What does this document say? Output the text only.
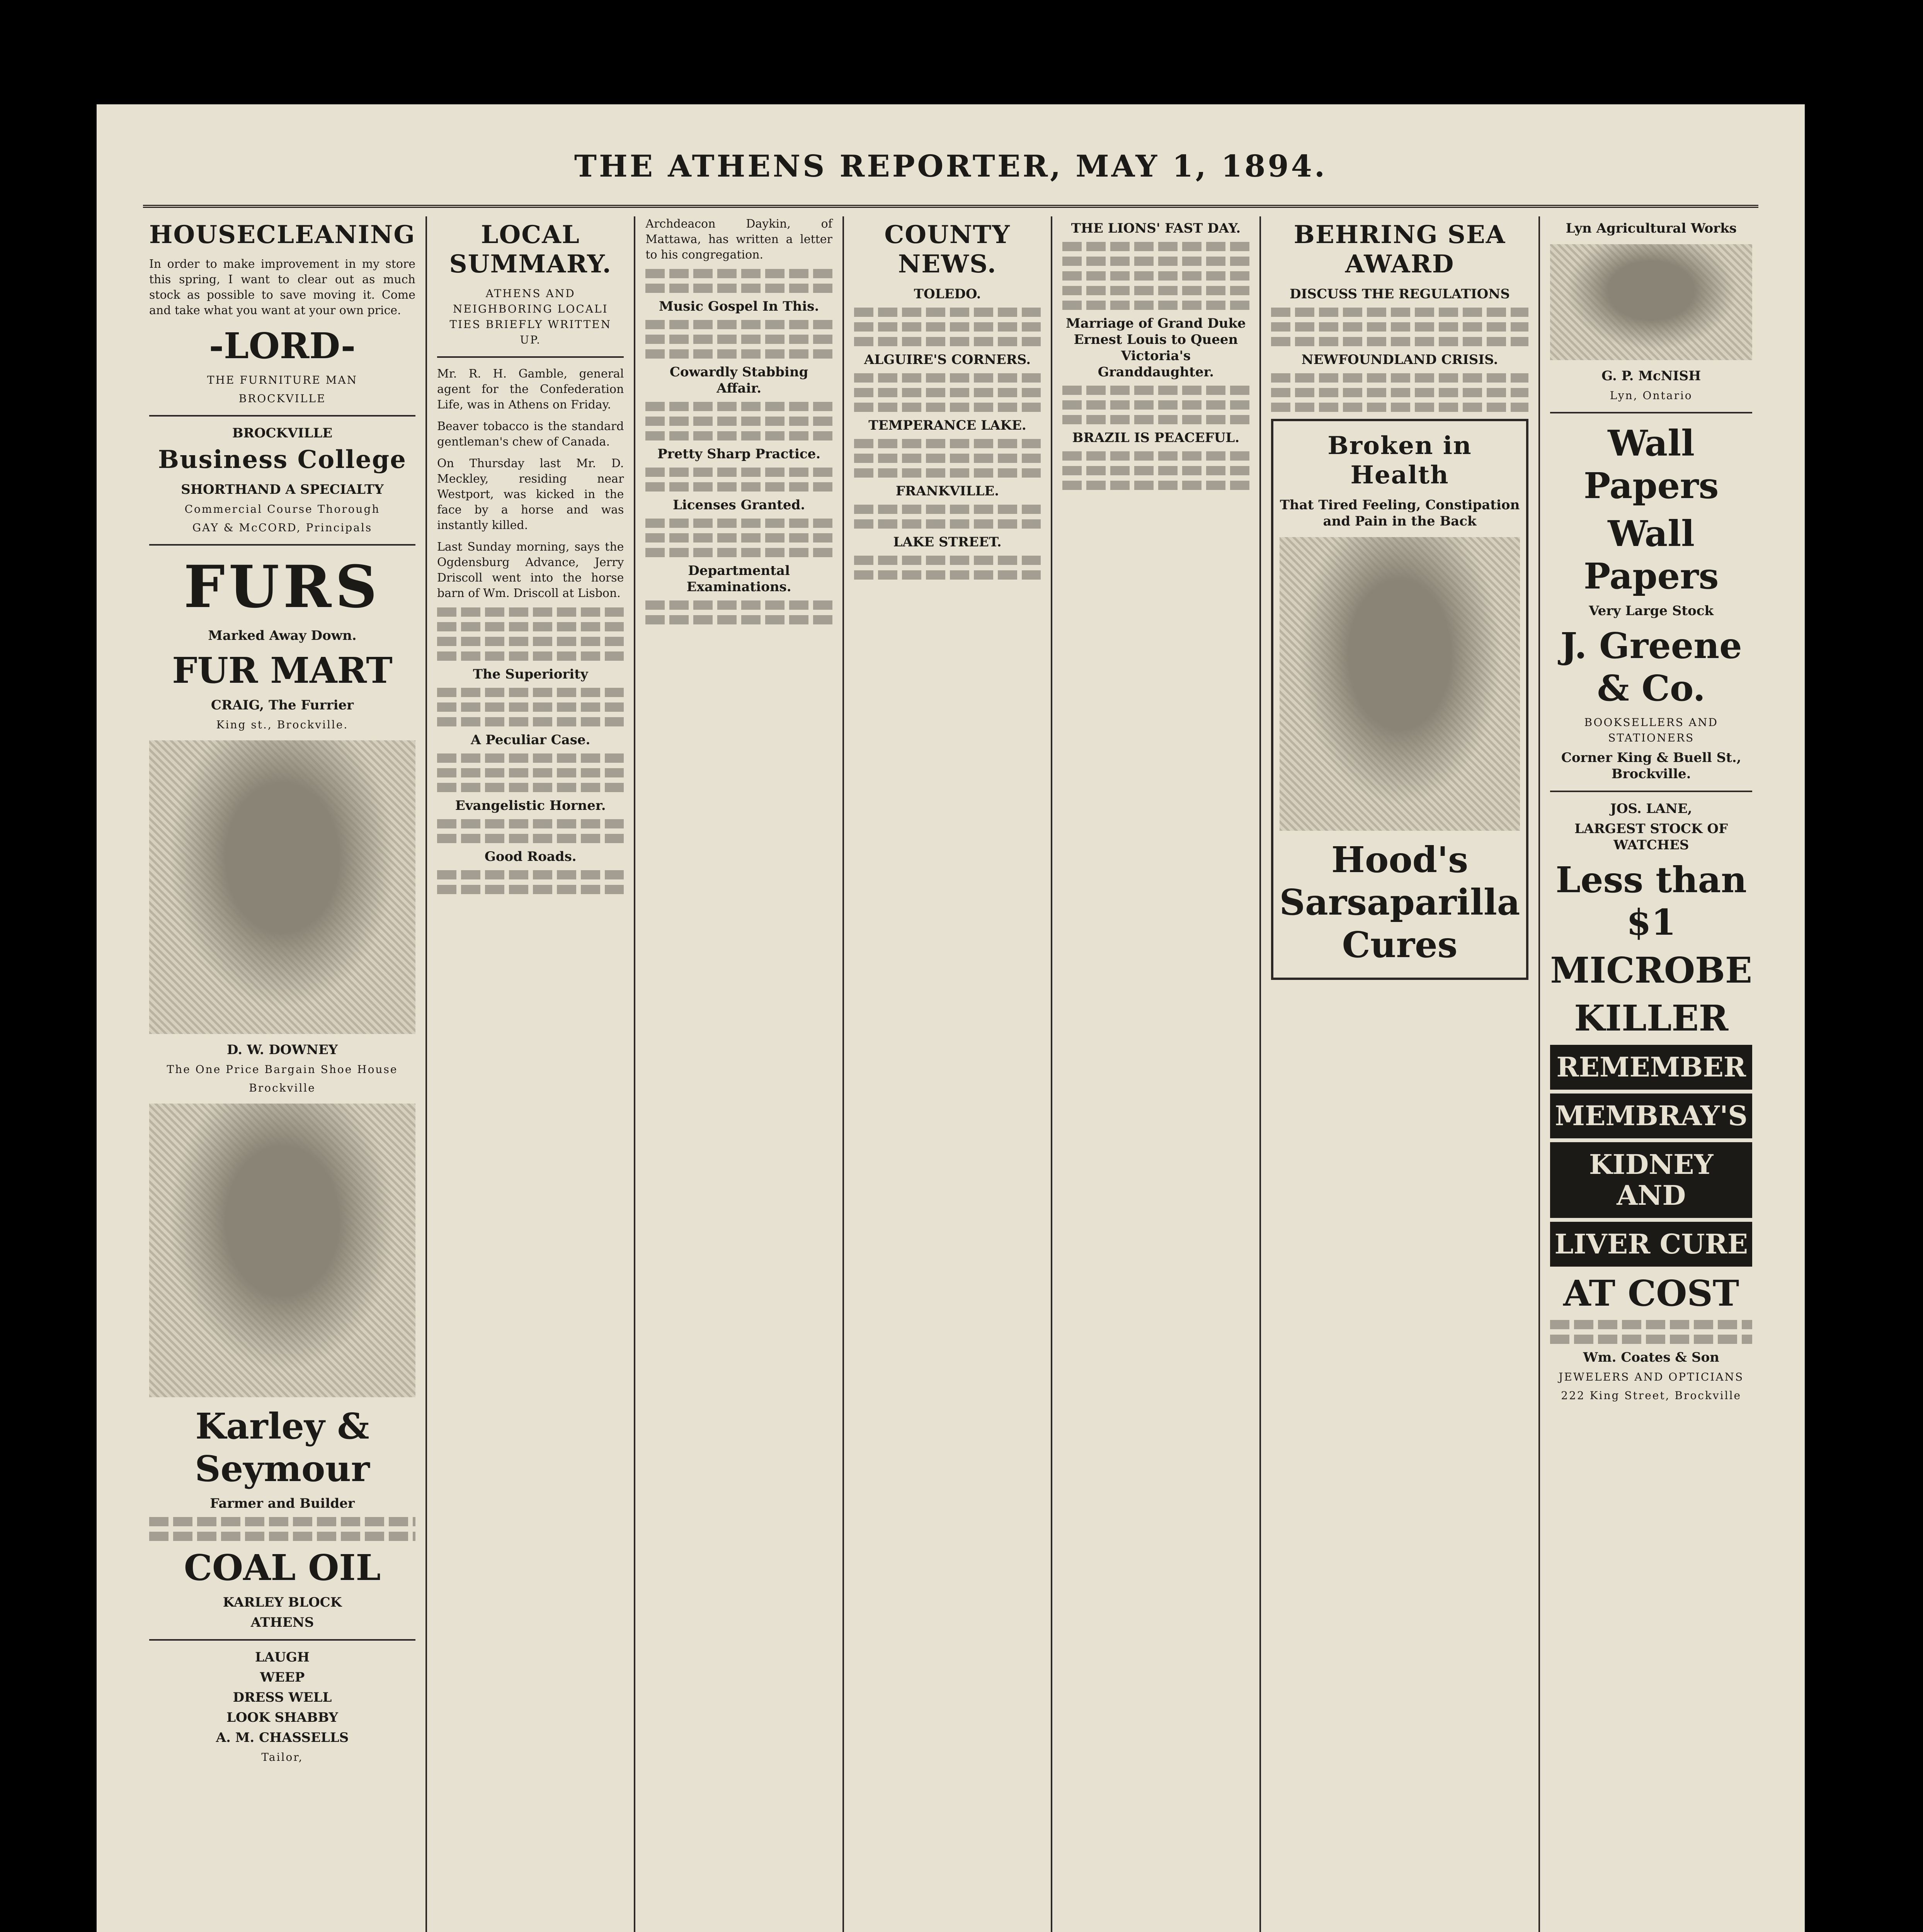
THE ATHENS REPORTER, MAY 1, 1894.
HOUSECLEANING

In order to make improvement in my store this spring, I want to clear out as much stock as possible to save moving it. Come and take what you want at your own price.

-LORD-
THE FURNITURE MAN
BROCKVILLE
BROCKVILLE
Business College
SHORTHAND A SPECIALTY
Commercial Course Thorough
GAY & McCORD, Principals
FURS
Marked Away Down.
FUR MART
CRAIG, The Furrier
King st., Brockville.
D. W. DOWNEY
The One Price Bargain Shoe House
Brockville
Karley & Seymour
Farmer and Builder
COAL OIL
KARLEY BLOCK
ATHENS
LAUGH
WEEP
DRESS WELL
LOOK SHABBY
A. M. CHASSELLS
Tailor,
LOCAL SUMMARY.
ATHENS AND NEIGHBORING LOCALI TIES BRIEFLY WRITTEN UP.

Mr. R. H. Gamble, general agent for the Confederation Life, was in Athens on Friday.

Beaver tobacco is the standard gentleman's chew of Canada.

On Thursday last Mr. D. Meckley, residing near Westport, was kicked in the face by a horse and was instantly killed.

Last Sunday morning, says the Ogdensburg Advance, Jerry Driscoll went into the horse barn of Wm. Driscoll at Lisbon.

The Superiority
A Peculiar Case.
Evangelistic Horner.
Good Roads.

Archdeacon Daykin, of Mattawa, has written a letter to his congregation.

Music Gospel In This.
Cowardly Stabbing Affair.
Pretty Sharp Practice.
Licenses Granted.
Departmental Examinations.
COUNTY NEWS.
TOLEDO.
ALGUIRE'S CORNERS.
TEMPERANCE LAKE.
FRANKVILLE.
LAKE STREET.
THE LIONS' FAST DAY.
Marriage of Grand Duke Ernest Louis to Queen Victoria's Granddaughter.
BRAZIL IS PEACEFUL.
BEHRING SEA AWARD
DISCUSS THE REGULATIONS
NEWFOUNDLAND CRISIS.
Broken in Health
That Tired Feeling, Constipation and Pain in the Back
Hood's Sarsaparilla Cures
Lyn Agricultural Works
G. P. McNISH
Lyn, Ontario
Wall Papers
Wall Papers
Very Large Stock
J. Greene & Co.
BOOKSELLERS AND STATIONERS
Corner King & Buell St., Brockville.
JOS. LANE,
LARGEST STOCK OF WATCHES
Less than $1
MICROBE
KILLER
REMEMBER
MEMBRAY'S
KIDNEY AND
LIVER CURE
AT COST
Wm. Coates & Son
JEWELERS AND OPTICIANS
222 King Street, Brockville
